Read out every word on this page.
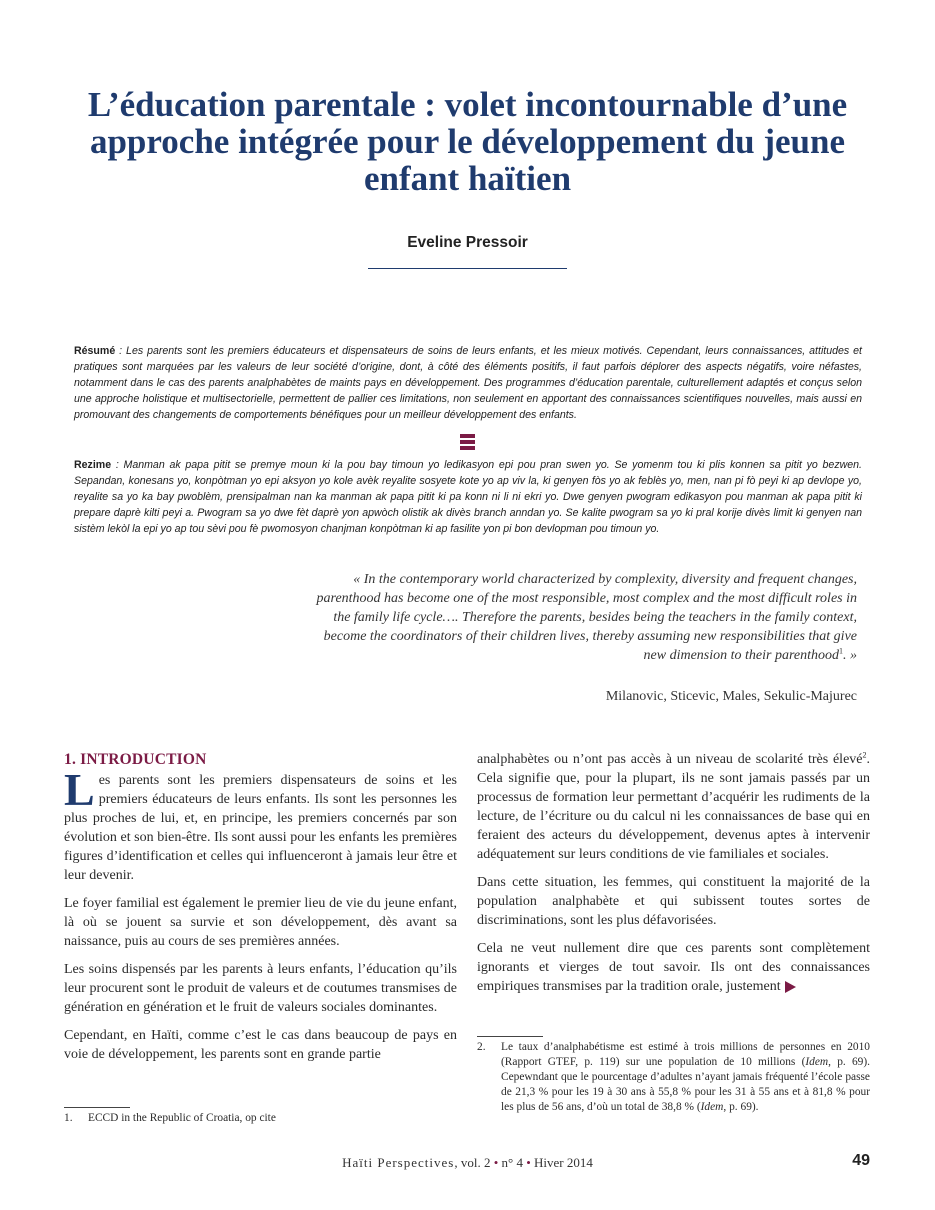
L’éducation parentale : volet incontournable d’une approche intégrée pour le développement du jeune enfant haïtien
Eveline Pressoir

Résumé : Les parents sont les premiers éducateurs et dispensateurs de soins de leurs enfants, et les mieux motivés. Cependant, leurs connaissances, attitudes et pratiques sont marquées par les valeurs de leur société d’origine, dont, à côté des éléments positifs, il faut parfois déplorer des aspects négatifs, voire néfastes, notamment dans le cas des parents analphabètes de maints pays en développement. Des programmes d’éducation parentale, culturellement adaptés et conçus selon une approche holistique et multisectorielle, permettent de pallier ces limitations, non seulement en apportant des connaissances scientifiques nouvelles, mais aussi en promouvant des changements de comportements bénéfiques pour un meilleur développement des enfants.

Rezime : Manman ak papa pitit se premye moun ki la pou bay timoun yo ledikasyon epi pou pran swen yo. Se yomenm tou ki plis konnen sa pitit yo bezwen. Sepandan, konesans yo, konpòtman yo epi aksyon yo kole avèk reyalite sosyete kote yo ap viv la, ki genyen fòs yo ak feblès yo, men, nan pi fò peyi ki ap devlope yo, reyalite sa yo ka bay pwoblèm, prensipalman nan ka manman ak papa pitit ki pa konn ni li ni ekri yo. Dwe genyen pwogram edikasyon pou manman ak papa pitit ki prepare daprè kilti peyi a. Pwogram sa yo dwe fèt daprè yon apwòch olistik ak divès branch anndan yo. Se kalite pwogram sa yo ki pral korije divès limit ki genyen nan sistèm lekòl la epi yo ap tou sèvi pou fè pwomosyon chanjman konpòtman ki ap fasilite yon pi bon devlopman pou timoun yo.

« In the contemporary world characterized by complexity, diversity and frequent changes, parenthood has become one of the most responsible, most complex and the most difficult roles in the family life cycle…. Therefore the parents, besides being the teachers in the family context, become the coordinators of their children lives, thereby assuming new responsibilities that give new dimension to their parenthood$^1$. »

Milanovic, Sticevic, Males, Sekulic-Majurec
1. INTRODUCTION

Les parents sont les premiers dispensateurs de soins et les premiers éducateurs de leurs enfants. Ils sont les personnes les plus proches de lui, et, en principe, les premiers concernés par son évolution et son bien-être. Ils sont aussi pour les enfants les premières figures d’identification et celles qui influenceront à jamais leur être et leur devenir.

Le foyer familial est également le premier lieu de vie du jeune enfant, là où se jouent sa survie et son développement, dès avant sa naissance, puis au cours de ses premières années.

Les soins dispensés par les parents à leurs enfants, l’éducation qu’ils leur procurent sont le produit de valeurs et de coutumes transmises de génération en génération et le fruit de valeurs sociales dominantes.

Cependant, en Haïti, comme c’est le cas dans beaucoup de pays en voie de développement, les parents sont en grande partie

analphabètes ou n’ont pas accès à un niveau de scolarité très élevé$^2$. Cela signifie que, pour la plupart, ils ne sont jamais passés par un processus de formation leur permettant d’acquérir les rudiments de la lecture, de l’écriture ou du calcul ni les connaissances de base qui en feraient des acteurs du développement, devenus aptes à intervenir adéquatement sur leurs conditions de vie familiales et sociales.

Dans cette situation, les femmes, qui constituent la majorité de la population analphabète et qui subissent toutes sortes de discriminations, sont les plus défavorisées.

Cela ne veut nullement dire que ces parents sont complètement ignorants et vierges de tout savoir. Ils ont des connaissances empiriques transmises par la tradition orale, justement

1. ECCD in the Republic of Croatia, op cite
2. Le taux d’analphabétisme est estimé à trois millions de personnes en 2010 (Rapport GTEF, p. 119) sur une population de 10 millions (Idem, p. 69). Cepewndant que le pourcentage d’adultes n’ayant jamais fréquenté l’école passe de 21,3 % pour les 19 à 30 ans à 55,8 % pour les 31 à 55 ans et à 81,8 % pour les plus de 56 ans, d’où un total de 38,8 % (Idem, p. 69).
Haïti Perspectives, vol. 2 • n° 4 • Hiver 2014	49
